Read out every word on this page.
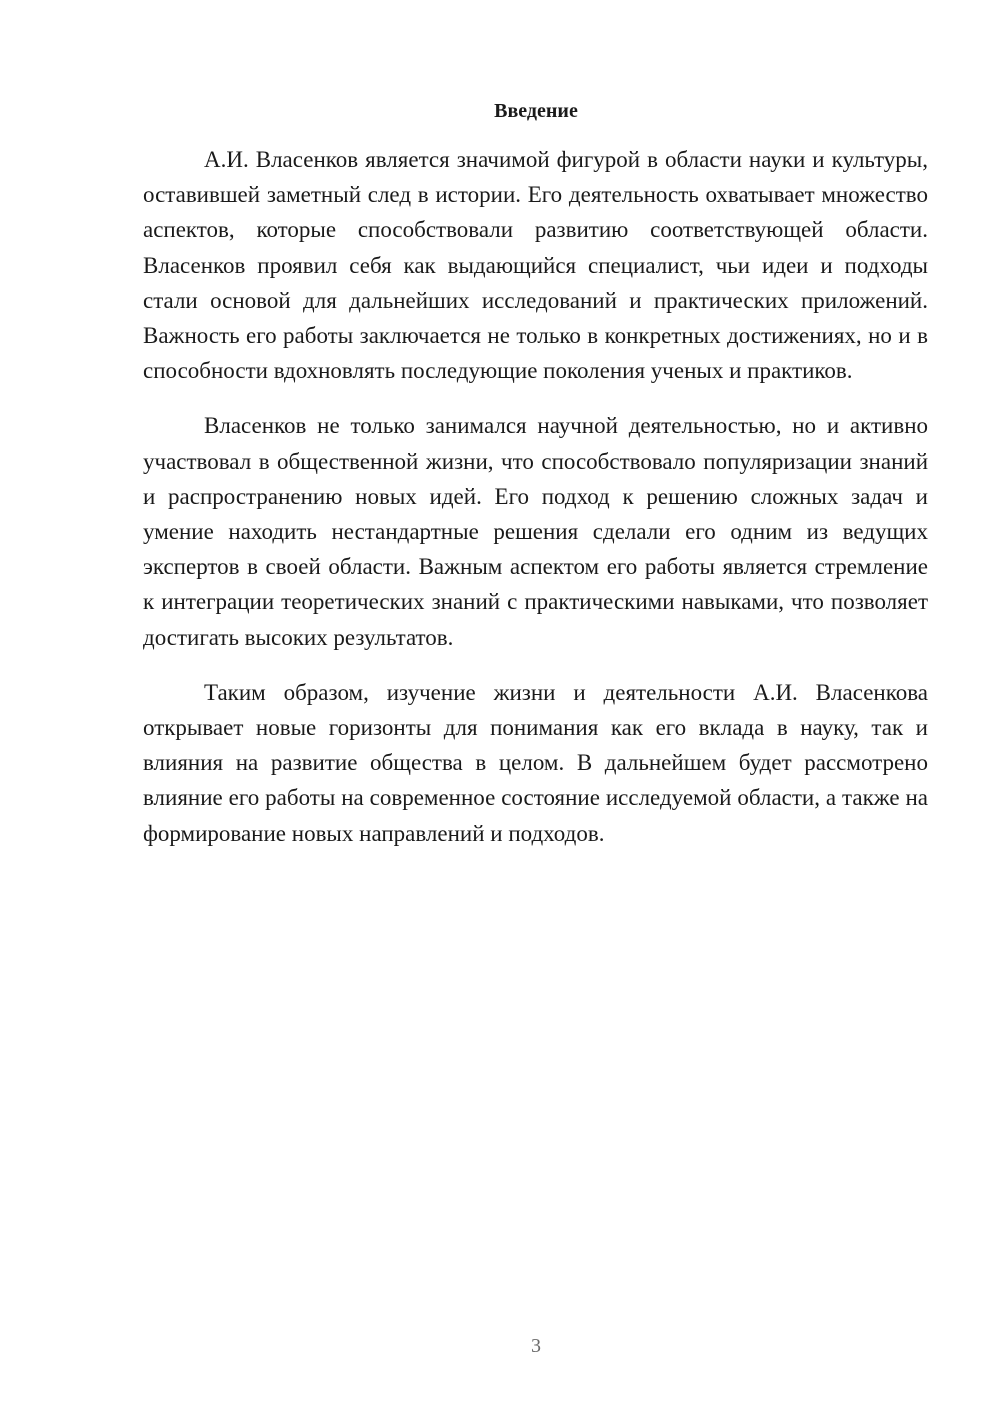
Введение

А.И. Власенков является значимой фигурой в области науки и культуры, оставившей заметный след в истории. Его деятельность охватывает множество аспектов, которые способствовали развитию соответствующей области. Власенков проявил себя как выдающийся специалист, чьи идеи и подходы стали основой для дальнейших исследований и практических приложений. Важность его работы заключается не только в конкретных достижениях, но и в способности вдохновлять последующие поколения ученых и практиков.

Власенков не только занимался научной деятельностью, но и активно участвовал в общественной жизни, что способствовало популяризации знаний и распространению новых идей. Его подход к решению сложных задач и умение находить нестандартные решения сделали его одним из ведущих экспертов в своей области. Важным аспектом его работы является стремление к интеграции теоретических знаний с практическими навыками, что позволяет достигать высоких результатов.

Таким образом, изучение жизни и деятельности А.И. Власенкова открывает новые горизонты для понимания как его вклада в науку, так и влияния на развитие общества в целом. В дальнейшем будет рассмотрено влияние его работы на современное состояние исследуемой области, а также на формирование новых направлений и подходов.

3
